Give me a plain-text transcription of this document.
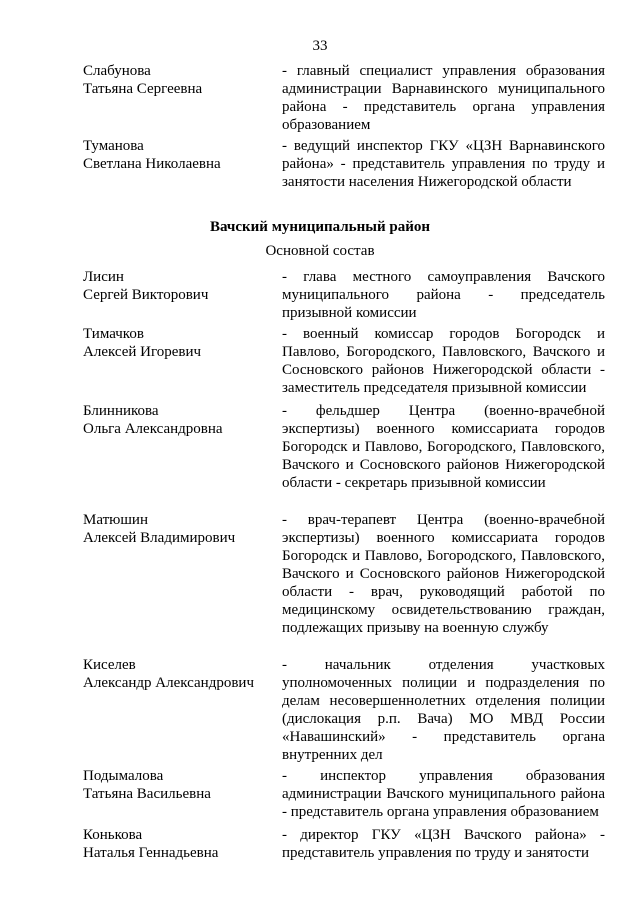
33
Слабунова
Татьяна Сергеевна
- главный специалист управления образования администрации Варнавинского муниципального района - представитель органа управления образованием
Туманова
Светлана Николаевна
- ведущий инспектор ГКУ «ЦЗН Варнавинского района» - представитель управления по труду и занятости населения Нижегородской области
Вачский муниципальный район
Основной состав
Лисин
Сергей Викторович
- глава местного самоуправления Вачского муниципального района - председатель призывной комиссии
Тимачков
Алексей Игоревич
- военный комиссар городов Богородск и Павлово, Богородского, Павловского, Вачского и Сосновского районов Нижегородской области - заместитель председателя призывной комиссии
Блинникова
Ольга Александровна
- фельдшер Центра (военно-врачебной экспертизы) военного комиссариата городов Богородск и Павлово, Богородского, Павловского, Вачского и Сосновского районов Нижегородской области - секретарь призывной комиссии
Матюшин
Алексей Владимирович
- врач-терапевт Центра (военно-врачебной экспертизы) военного комиссариата городов Богородск и Павлово, Богородского, Павловского, Вачского и Сосновского районов Нижегородской области - врач, руководящий работой по медицинскому освидетельствованию граждан, подлежащих призыву на военную службу
Киселев
Александр Александрович
- начальник отделения участковых уполномоченных полиции и подразделения по делам несовершеннолетних отделения полиции (дислокация р.п. Вача) МО МВД России «Навашинский» - представитель органа внутренних дел
Подымалова
Татьяна Васильевна
- инспектор управления образования администрации Вачского муниципального района - представитель органа управления образованием
Конькова
Наталья Геннадьевна
- директор ГКУ «ЦЗН Вачского района» - представитель управления по труду и занятости
